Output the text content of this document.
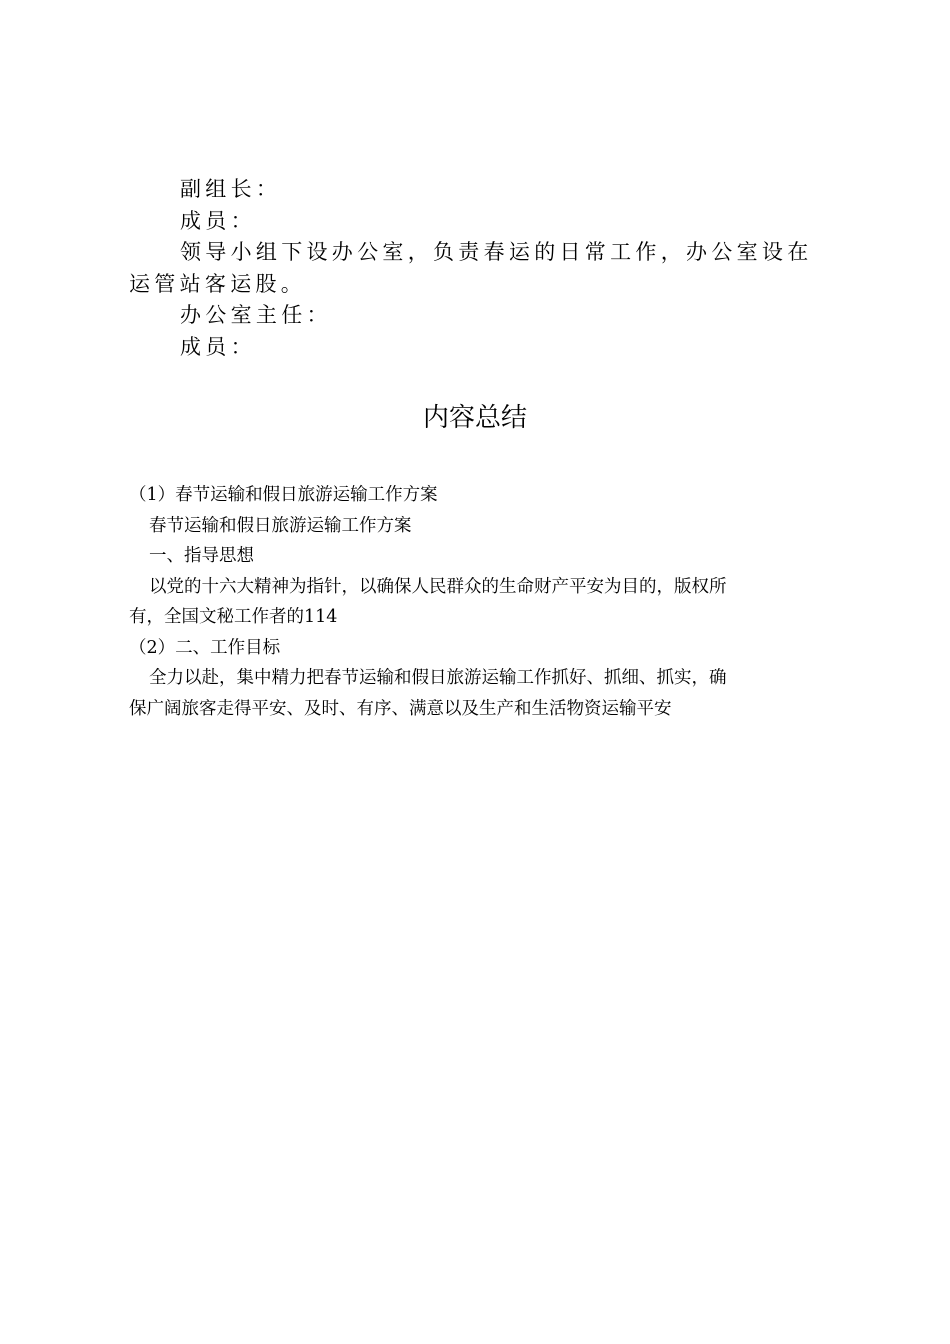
副组长：

成员：

领导小组下设办公室，负责春运的日常工作，办公室设在

运管站客运股。

办公室主任：

成员：

内容总结

（1）春节运输和假日旅游运输工作方案

春节运输和假日旅游运输工作方案

一、指导思想

以党的十六大精神为指针，以确保人民群众的生命财产平安为目的，版权所

有，全国文秘工作者的114

（2）二、工作目标

全力以赴，集中精力把春节运输和假日旅游运输工作抓好、抓细、抓实，确

保广阔旅客走得平安、及时、有序、满意以及生产和生活物资运输平安
